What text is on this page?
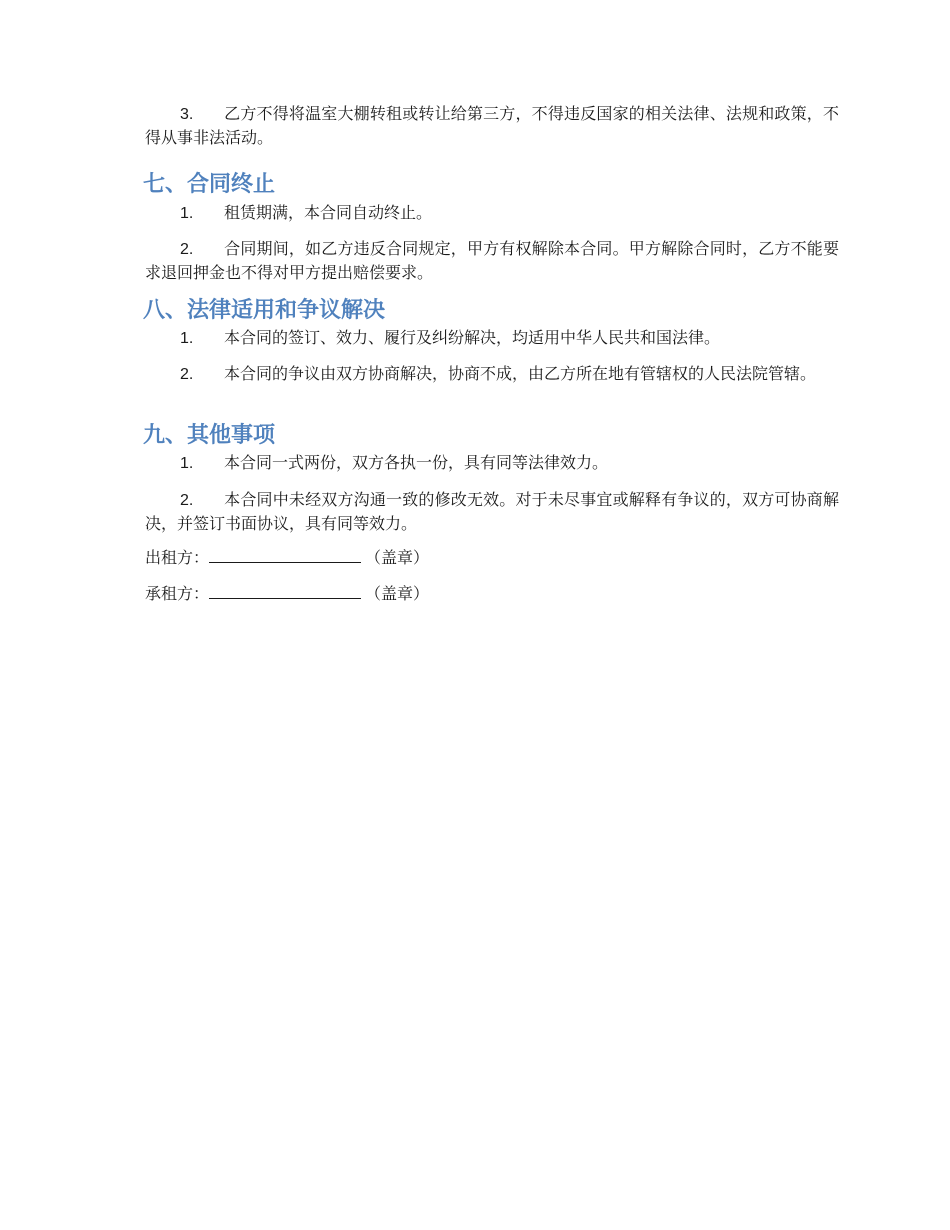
3. 乙方不得将温室大棚转租或转让给第三方，不得违反国家的相关法律、法规和政策，不得从事非法活动。

七、合同终止

1. 租赁期满，本合同自动终止。

2. 合同期间，如乙方违反合同规定，甲方有权解除本合同。甲方解除合同时，乙方不能要求退回押金也不得对甲方提出赔偿要求。

八、法律适用和争议解决

1. 本合同的签订、效力、履行及纠纷解决，均适用中华人民共和国法律。

2. 本合同的争议由双方协商解决，协商不成，由乙方所在地有管辖权的人民法院管辖。

九、其他事项

1. 本合同一式两份，双方各执一份，具有同等法律效力。

2. 本合同中未经双方沟通一致的修改无效。对于未尽事宜或解释有争议的，双方可协商解决，并签订书面协议，具有同等效力。

出租方：	（盖章）
承租方：	（盖章）
